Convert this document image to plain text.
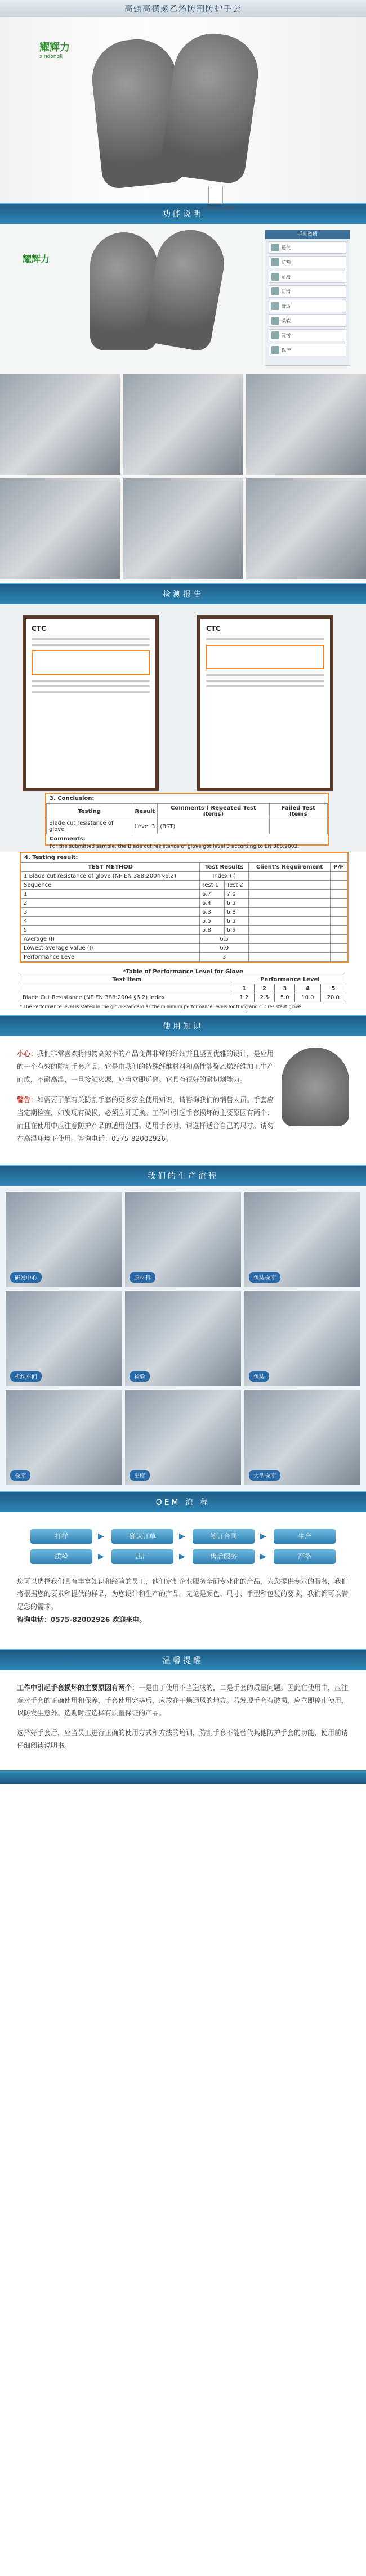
高强高模聚乙烯防割防护手套
耀辉力
xindongli
DSL-0030
功能说明
耀辉力
手套资质
透气
防割
耐磨
防滑
舒适
柔软
灵活
保护
检测报告
CTC	CTC
3. Conclusion:
Testing	Result	Comments ( Repeated Test Items)	Failed Test Items
Blade cut resistance of glove	Level 3	(BST)	
Comments:
For the submitted sample, the Blade cut resistance of glove got level 3 according to EN 388:2003.
4. Testing result:
TEST METHOD	Test Results		Client's Requirement	P/F
1 Blade cut resistance of glove (NF EN 388:2004 §6.2)	Index (I)			
Sequence	Test 1	Test 2		
1	6.7	7.0		
2	6.4	6.5		
3	6.3	6.8		
4	5.5	6.5		
5	5.8	6.9		
Average (I)	6.5			
Lowest average value (I)	6.0			
Performance Level	3			
*Table of Performance Level for Glove
Test Item	Performance Level				
	1	2	3	4	5
Blade Cut Resistance (NF EN 388:2004 §6.2) Index	1.2	2.5	5.0	10.0	20.0
* The Performance level is stated in the glove standard as the minimum performance levels for thing and cut resistant glove.
使用知识

小心：我们非常喜欢将购物高效率的产品变得非常的纤细并且坚固优雅的设计，是应用的一个有效的防割手套产品。它是由我们的特殊纤维材料和高性能聚乙烯纤维加工生产而成，不耐高温，一旦接触火源，应当立即远离。它具有很好的耐切割能力。

警告：如需要了解有关防割手套的更多安全使用知识，请咨询我们的销售人员。手套应当定期检查，如发现有破损，必须立即更换。工作中引起手套损坏的主要原因有两个：而且在使用中应注意防护产品的适用范围。选用手套时，请选择适合自己的尺寸。请勿在高温环境下使用。咨询电话：0575-82002926。

我们的生产流程
研发中心	原材料	包装仓库
机织车间	检验	包装
仓库	出库	大型仓库
OEM 流 程
打样	▶	确认订单	▶	签订合同	▶	生产
质检	▶	出厂	▶	售后服务	▶	严格
您可以选择我们具有丰富知识和经验的员工，他们定制企业服务全面专业化的产品，为您提供专业的服务，我们将根据您的要求和提供的样品，为您设计和生产的产品。无论是颜色、尺寸、手型和包装的要求，我们都可以满足您的需求。
咨询电话：0575-82002926 欢迎来电。
温馨提醒

工作中引起手套损坏的主要原因有两个：一是由于使用不当造成的，二是手套的质量问题。因此在使用中，应注意对手套的正确使用和保养，手套使用完毕后，应放在干燥通风的地方。若发现手套有破损，应立即停止使用，以防发生意外。选购时应选择有质量保证的产品。

选择好手套后，应当员工进行正确的使用方式和方法的培训，防割手套不能替代其他防护手套的功能，使用前请仔细阅读说明书。
